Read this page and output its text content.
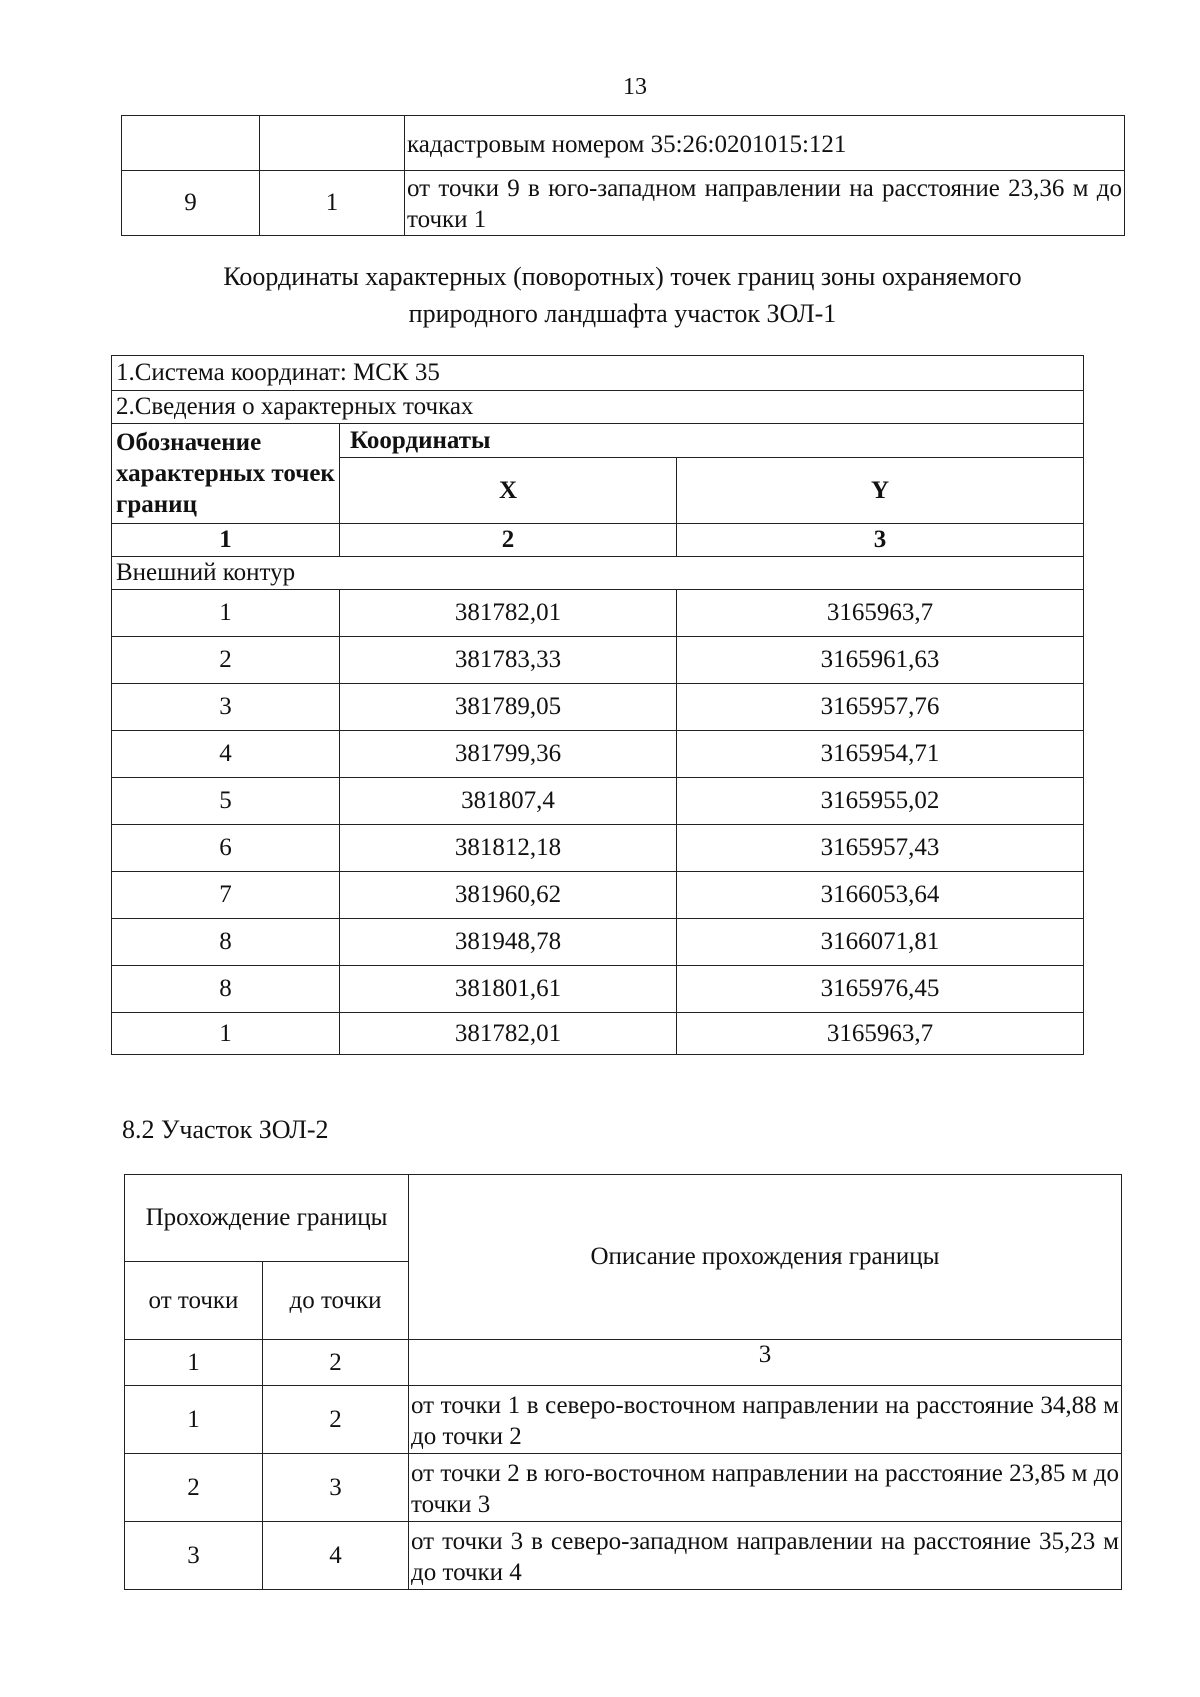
13
		кадастровым номером 35:26:0201015:121
9	1	от точки 9 в юго-западном направлении на расстояние 23,36 м до точки 1
Координаты характерных (поворотных) точек границ зоны охраняемого
природного ландшафта участок ЗОЛ-1
1.Система координат: МСК 35		
2.Сведения о характерных точках		
Обозначение характерных точек границ	Координаты	
	X	Y
1	2	3
Внешний контур		
1	381782,01	3165963,7
2	381783,33	3165961,63
3	381789,05	3165957,76
4	381799,36	3165954,71
5	381807,4	3165955,02
6	381812,18	3165957,43
7	381960,62	3166053,64
8	381948,78	3166071,81
8	381801,61	3165976,45
1	381782,01	3165963,7
8.2 Участок ЗОЛ-2
Прохождение границы		Описание прохождения границы
от точки	до точки	
1	2	3
1	2	от точки 1 в северо-восточном направлении на расстояние 34,88 м до точки 2
2	3	от точки 2 в юго-восточном направлении на расстояние 23,85 м до точки 3
3	4	от точки 3 в северо-западном направлении на расстояние 35,23 м до точки 4
